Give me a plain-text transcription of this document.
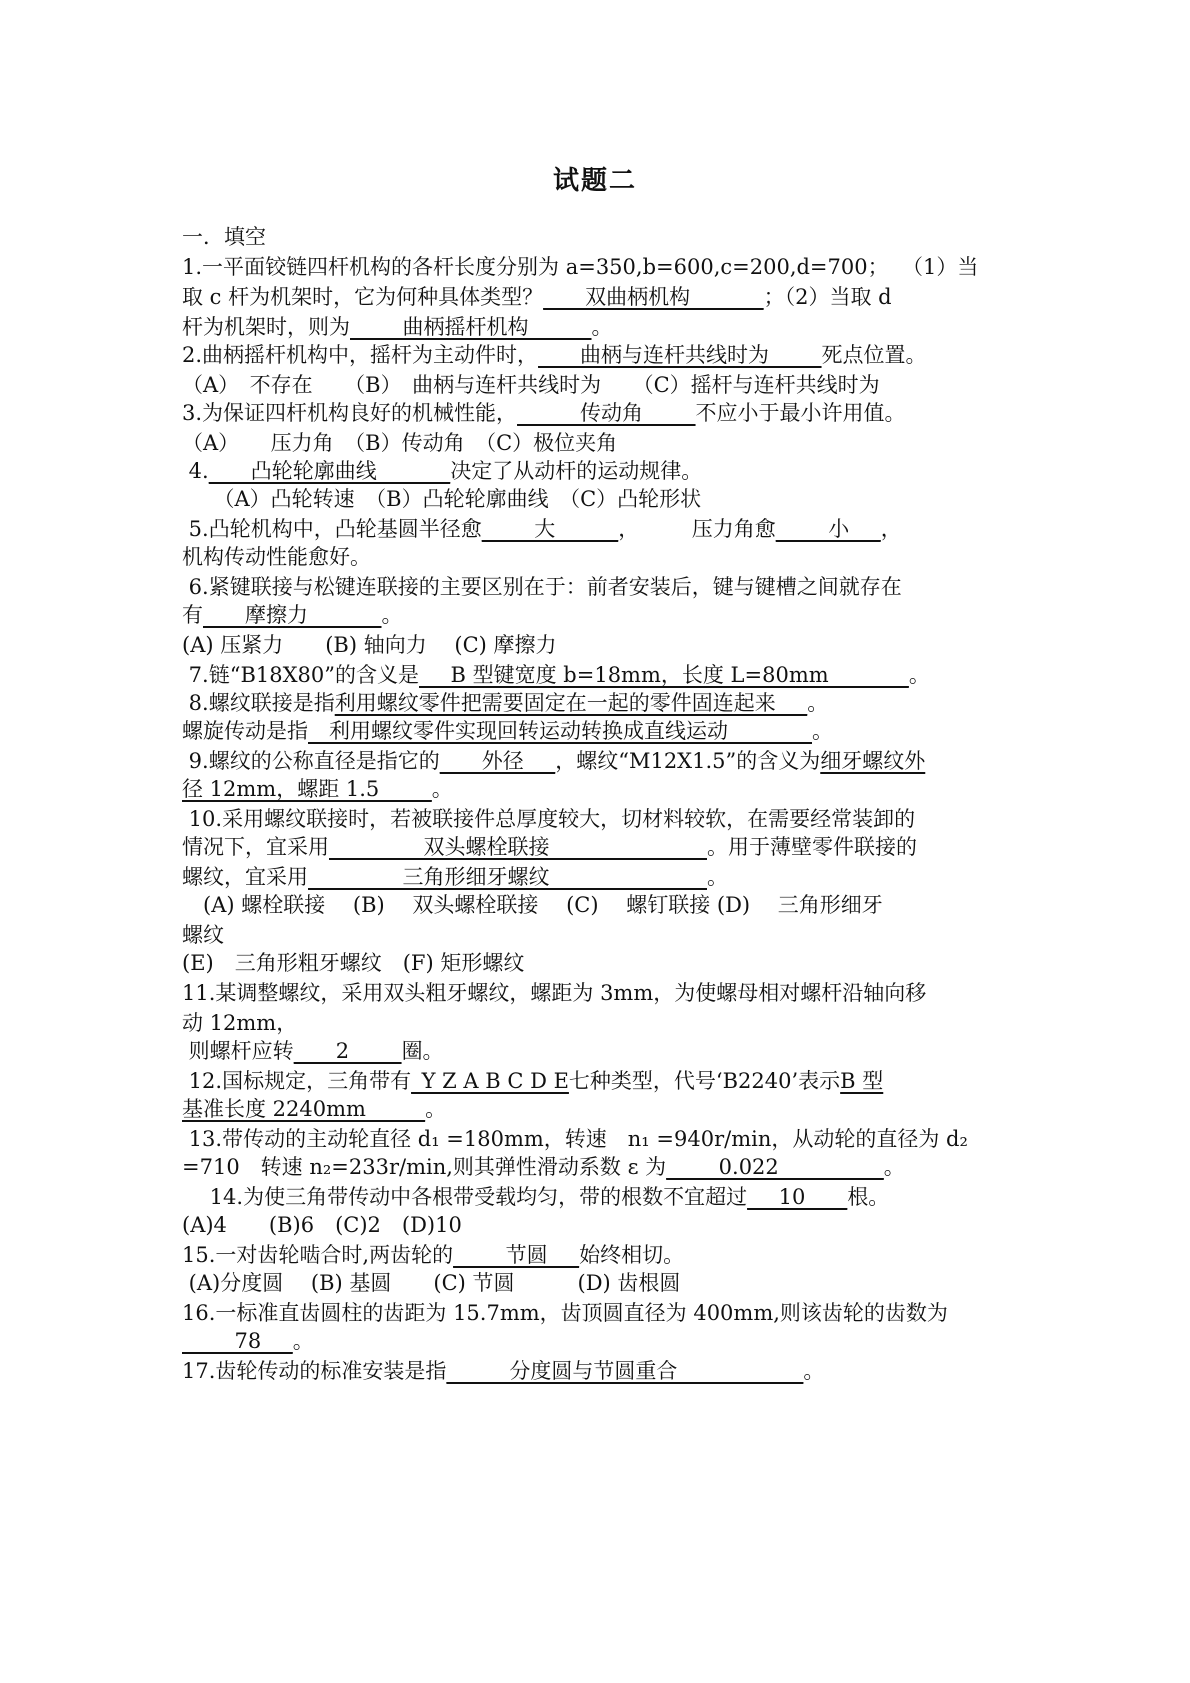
试题二
一．填空
1.一平面铰链四杆机构的各杆长度分别为 a=350,b=600,c=200,d=700；  （1）当
取 c 杆为机架时，它为何种具体类型？____双曲柄机构_______；（2）当取 d
杆为机架时，则为_____曲柄摇杆机构______。
2.曲柄摇杆机构中，摇杆为主动件时，____曲柄与连杆共线时为_____死点位置。
（A）　不存在　　（B）　曲柄与连杆共线时为　　（C）摇杆与连杆共线时为
3.为保证四杆机构良好的机械性能，______传动角_____不应小于最小许用值。
（A）　　压力角　（B）传动角　（C）极位夹角
4.____凸轮轮廓曲线_______决定了从动杆的运动规律。
　　（A）凸轮转速　（B）凸轮轮廓曲线　（C）凸轮形状
5.凸轮机构中，凸轮基圆半径愈_____大______，　　　压力角愈_____小___，
机构传动性能愈好。
6.紧键联接与松键连联接的主要区别在于：前者安装后，键与键槽之间就存在
有____摩擦力_______。
(A) 压紧力　　(B) 轴向力　 (C) 摩擦力
7.链“B18X80”的含义是___B 型键宽度 b=18mm，长度 L=80mm _______。
8.螺纹联接是指利用螺纹零件把需要固定在一起的零件固连起来___。
螺旋传动是指__利用螺纹零件实现回转运动转换成直线运动________。
9.螺纹的公称直径是指它的____外径___，螺纹“M12X1.5”的含义为细牙螺纹外
径 12mm，螺距 1.5_____。
10.采用螺纹联接时，若被联接件总厚度较大，切材料较软，在需要经常装卸的
情况下，宜采用_________双头螺栓联接_______________。用于薄壁零件联接的
螺纹，宜采用_________三角形细牙螺纹_______________。
　(A) 螺栓联接　 (B)　 双头螺栓联接　 (C)　 螺钉联接 (D)　 三角形细牙
螺纹
(E)　三角形粗牙螺纹　(F) 矩形螺纹
11.某调整螺纹，采用双头粗牙螺纹，螺距为 3mm，为使螺母相对螺杆沿轴向移
动 12mm，
则螺杆应转____2_____圈。
12.国标规定，三角带有_Y Z A B C D E七种类型，代号‘B2240’表示B 型
基准长度 2240mm _____。
13.带传动的主动轮直径 d₁ =180mm，转速　n₁ =940r/min，从动轮的直径为 d₂
=710　转速 n₂=233r/min,则其弹性滑动系数 ε 为_____0.022__________。
　 14.为使三角带传动中各根带受载均匀，带的根数不宜超过___10____根。
(A)4　　(B)6　(C)2　(D)10
15.一对齿轮啮合时,两齿轮的_____节圆___始终相切。
(A)分度圆　 (B) 基圆　　(C) 节圆　　　(D) 齿根圆
16.一标准直齿圆柱的齿距为 15.7mm，齿顶圆直径为 400mm,则该齿轮的齿数为
_____78___。
17.齿轮传动的标准安装是指______分度圆与节圆重合____________。
